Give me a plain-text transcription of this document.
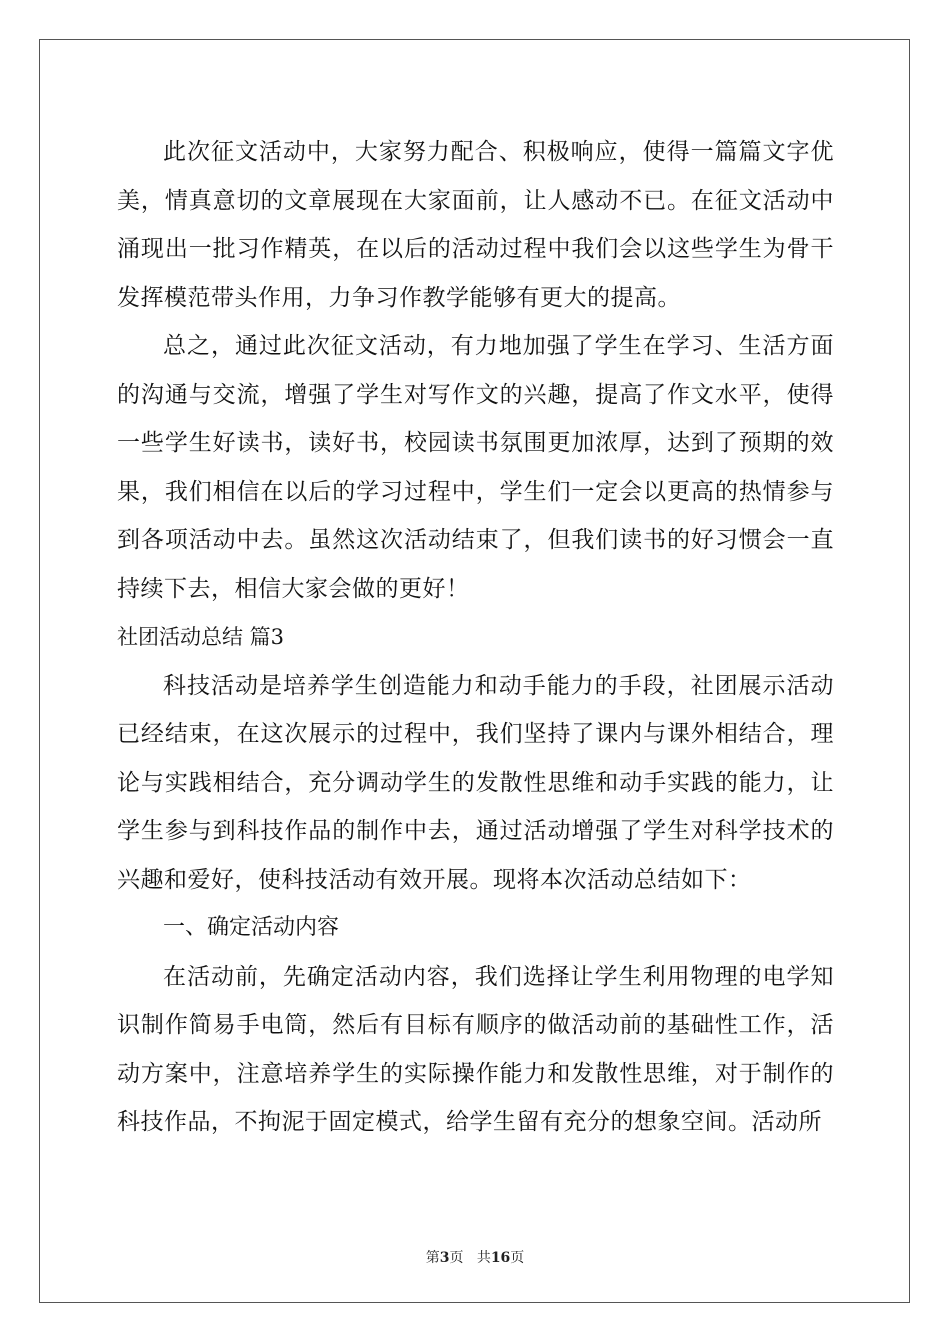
此次征文活动中，大家努力配合、积极响应，使得一篇篇文字优美，情真意切的文章展现在大家面前，让人感动不已。在征文活动中涌现出一批习作精英，在以后的活动过程中我们会以这些学生为骨干发挥模范带头作用，力争习作教学能够有更大的提高。

总之，通过此次征文活动，有力地加强了学生在学习、生活方面的沟通与交流，增强了学生对写作文的兴趣，提高了作文水平，使得一些学生好读书，读好书，校园读书氛围更加浓厚，达到了预期的效果，我们相信在以后的学习过程中，学生们一定会以更高的热情参与到各项活动中去。虽然这次活动结束了，但我们读书的好习惯会一直持续下去，相信大家会做的更好！

社团活动总结 篇3

科技活动是培养学生创造能力和动手能力的手段，社团展示活动已经结束，在这次展示的过程中，我们坚持了课内与课外相结合，理论与实践相结合，充分调动学生的发散性思维和动手实践的能力，让学生参与到科技作品的制作中去，通过活动增强了学生对科学技术的兴趣和爱好，使科技活动有效开展。现将本次活动总结如下：

一、确定活动内容

在活动前，先确定活动内容，我们选择让学生利用物理的电学知识制作简易手电筒，然后有目标有顺序的做活动前的基础性工作，活动方案中，注意培养学生的实际操作能力和发散性思维，对于制作的科技作品，不拘泥于固定模式，给学生留有充分的想象空间。活动所

第3页 共16页
